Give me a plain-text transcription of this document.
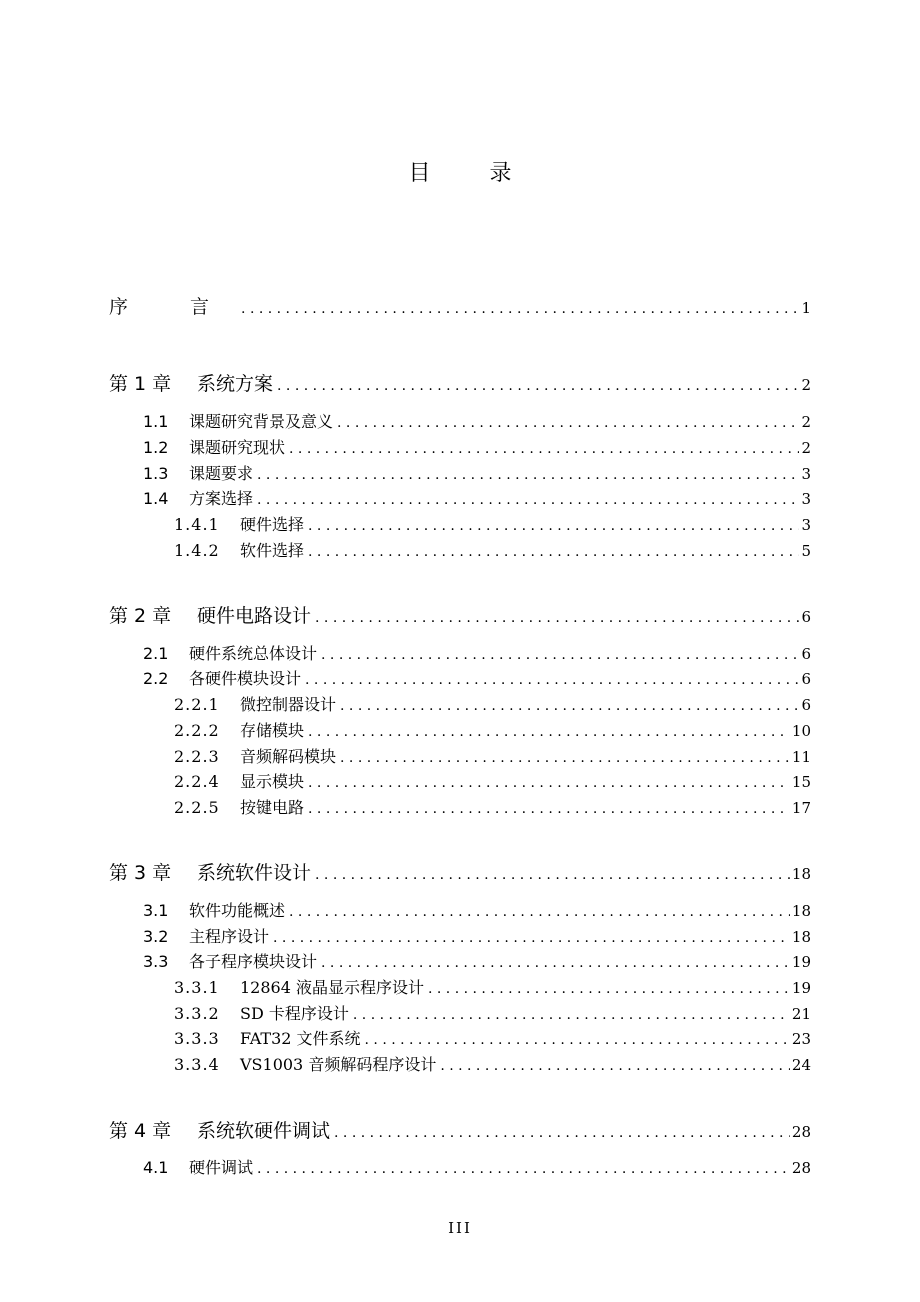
目 录
序 言 . . .	1
第 1 章	系统方案 . . .	2
1.1	课题研究背景及意义 . . .	2
1.2	课题研究现状 . . .	2
1.3	课题要求 . . .	3
1.4	方案选择 . . .	3
1.4.1	硬件选择 . . .	3
1.4.2	软件选择 . . .	5
第 2 章	硬件电路设计 . . .	6
2.1	硬件系统总体设计 . . .	6
2.2	各硬件模块设计 . . .	6
2.2.1	微控制器设计 . . .	6
2.2.2	存储模块 . . .	10
2.2.3	音频解码模块 . . .	11
2.2.4	显示模块 . . .	15
2.2.5	按键电路 . . .	17
第 3 章	系统软件设计 . . .	18
3.1	软件功能概述 . . .	18
3.2	主程序设计 . . .	18
3.3	各子程序模块设计 . . .	19
3.3.1	12864 液晶显示程序设计 . . .	19
3.3.2	SD 卡程序设计 . . .	21
3.3.3	FAT32 文件系统 . . .	23
3.3.4	VS1003 音频解码程序设计 . . .	24
第 4 章	系统软硬件调试 . . .	28
4.1	硬件调试 . . .	28
III
